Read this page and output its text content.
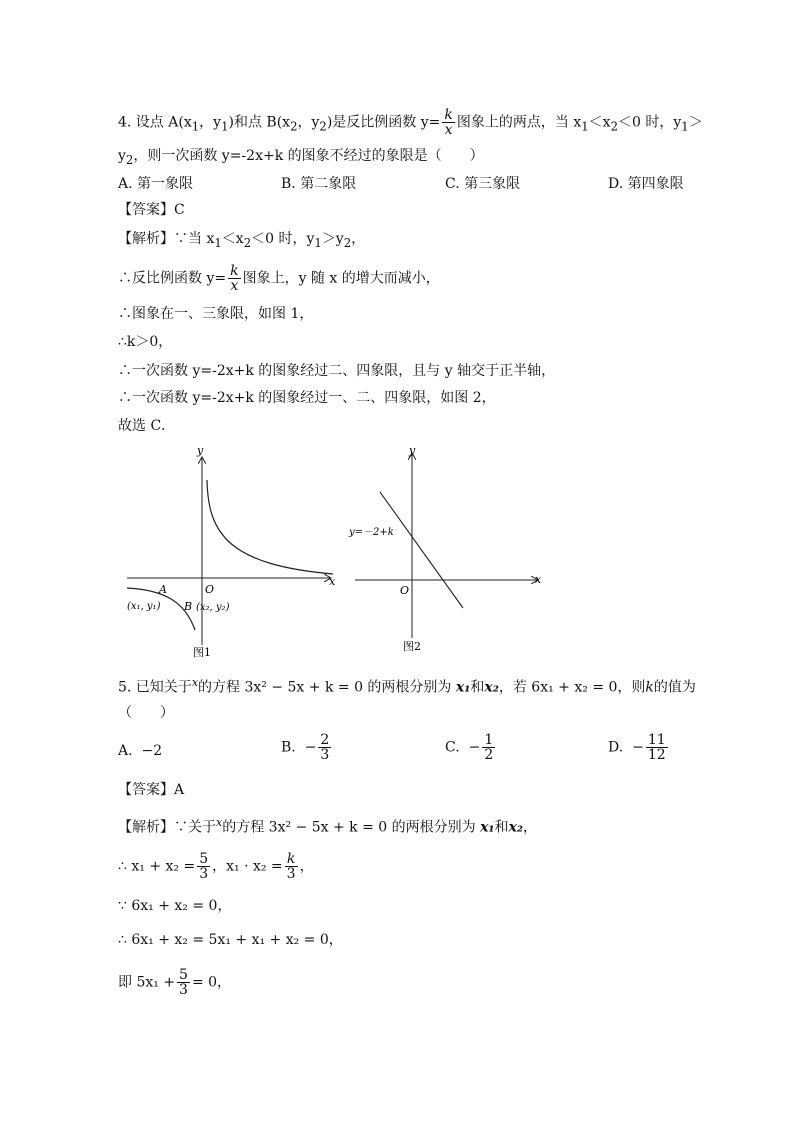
4. 设点 $A(x_1$，$y_1$)和点 $B(x_2$，$y_2$)是反比例函数 $y= \frac{k}{x}$ 图象上的两点，当 $x_1<x_2<0$ 时，$y_1>$
$y_2$，则一次函数 y=-2x+k 的图象不经过的象限是（　　）
A. 第一象限	B. 第二象限	C. 第三象限	D. 第四象限
【答案】C
【解析】∵当 $x_1<x_2<0$ 时，$y_1>y_2$，
∴反比例函数 $y= \frac{k}{x}$ 图象上，y 随 x 的增大而减小，
∴图象在一、三象限，如图 1，
∴k＞0，
∴一次函数 y=-2x+k 的图象经过二、四象限，且与 y 轴交于正半轴，
∴一次函数 y=-2x+k 的图象经过一、二、四象限，如图 2，
故选 C．
y
x
O
A
B
(x₁, y₁)	(x₂, y₂)
图1
y
x
O
y=－2+k
图2
5. 已知关于$^x$的方程 3x² − 5x + k = 0 的两根分别为 x₁和x₂，若 6x₁ + x₂ = 0，则k的值为
（　　）
A. −2	B. − $\frac{2}{3}$	C. − $\frac{1}{2}$	D. − $\frac{11}{12}$
【答案】A
【解析】∵关于$^x$的方程 3x² − 5x + k = 0 的两根分别为 x₁和x₂，
∴ $x_1 + x_2 = \frac{5}{3}$ ，$x_1 \cdot x_2 = \frac{k}{3}$ ，
∵ 6x₁ + x₂ = 0，
∴ 6x₁ + x₂ = 5x₁ + x₁ + x₂ = 0，
即 $5x_1 + \frac{5}{3} = 0$，
